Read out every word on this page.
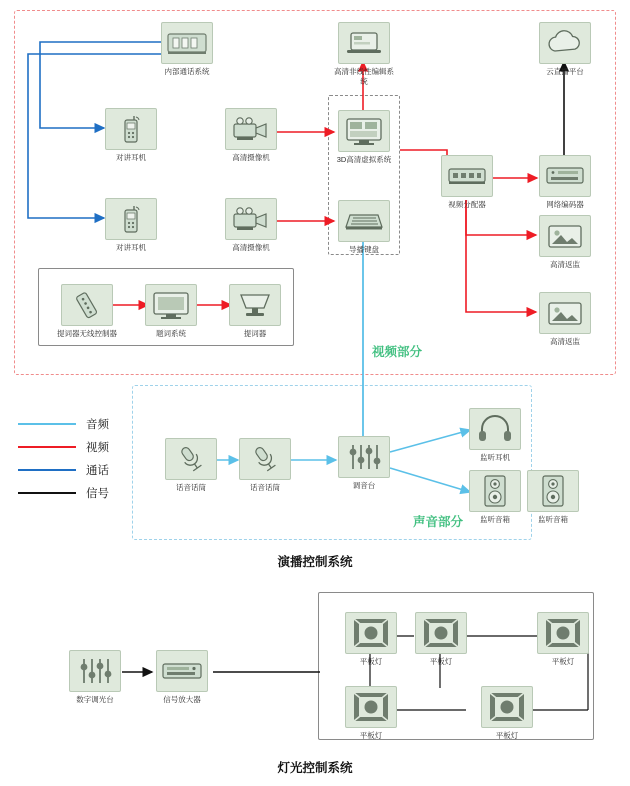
内部通话系统
对讲耳机
对讲耳机
高清摄像机
高清摄像机
3D高清虚拟系统
导播键盘
高清非线性编辑系统
视频分配器	网络编码器
云直播平台
高清返监
高清返监
提词器无线控制器	题词系统	提词器
话音话筒	话音话筒	调音台
监听耳机
监听音箱	监听音箱
数字调光台	信号放大器
平板灯	平板灯	平板灯
平板灯	平板灯
音频
视频
通话
信号
视频部分
声音部分
演播控制系统
灯光控制系统
